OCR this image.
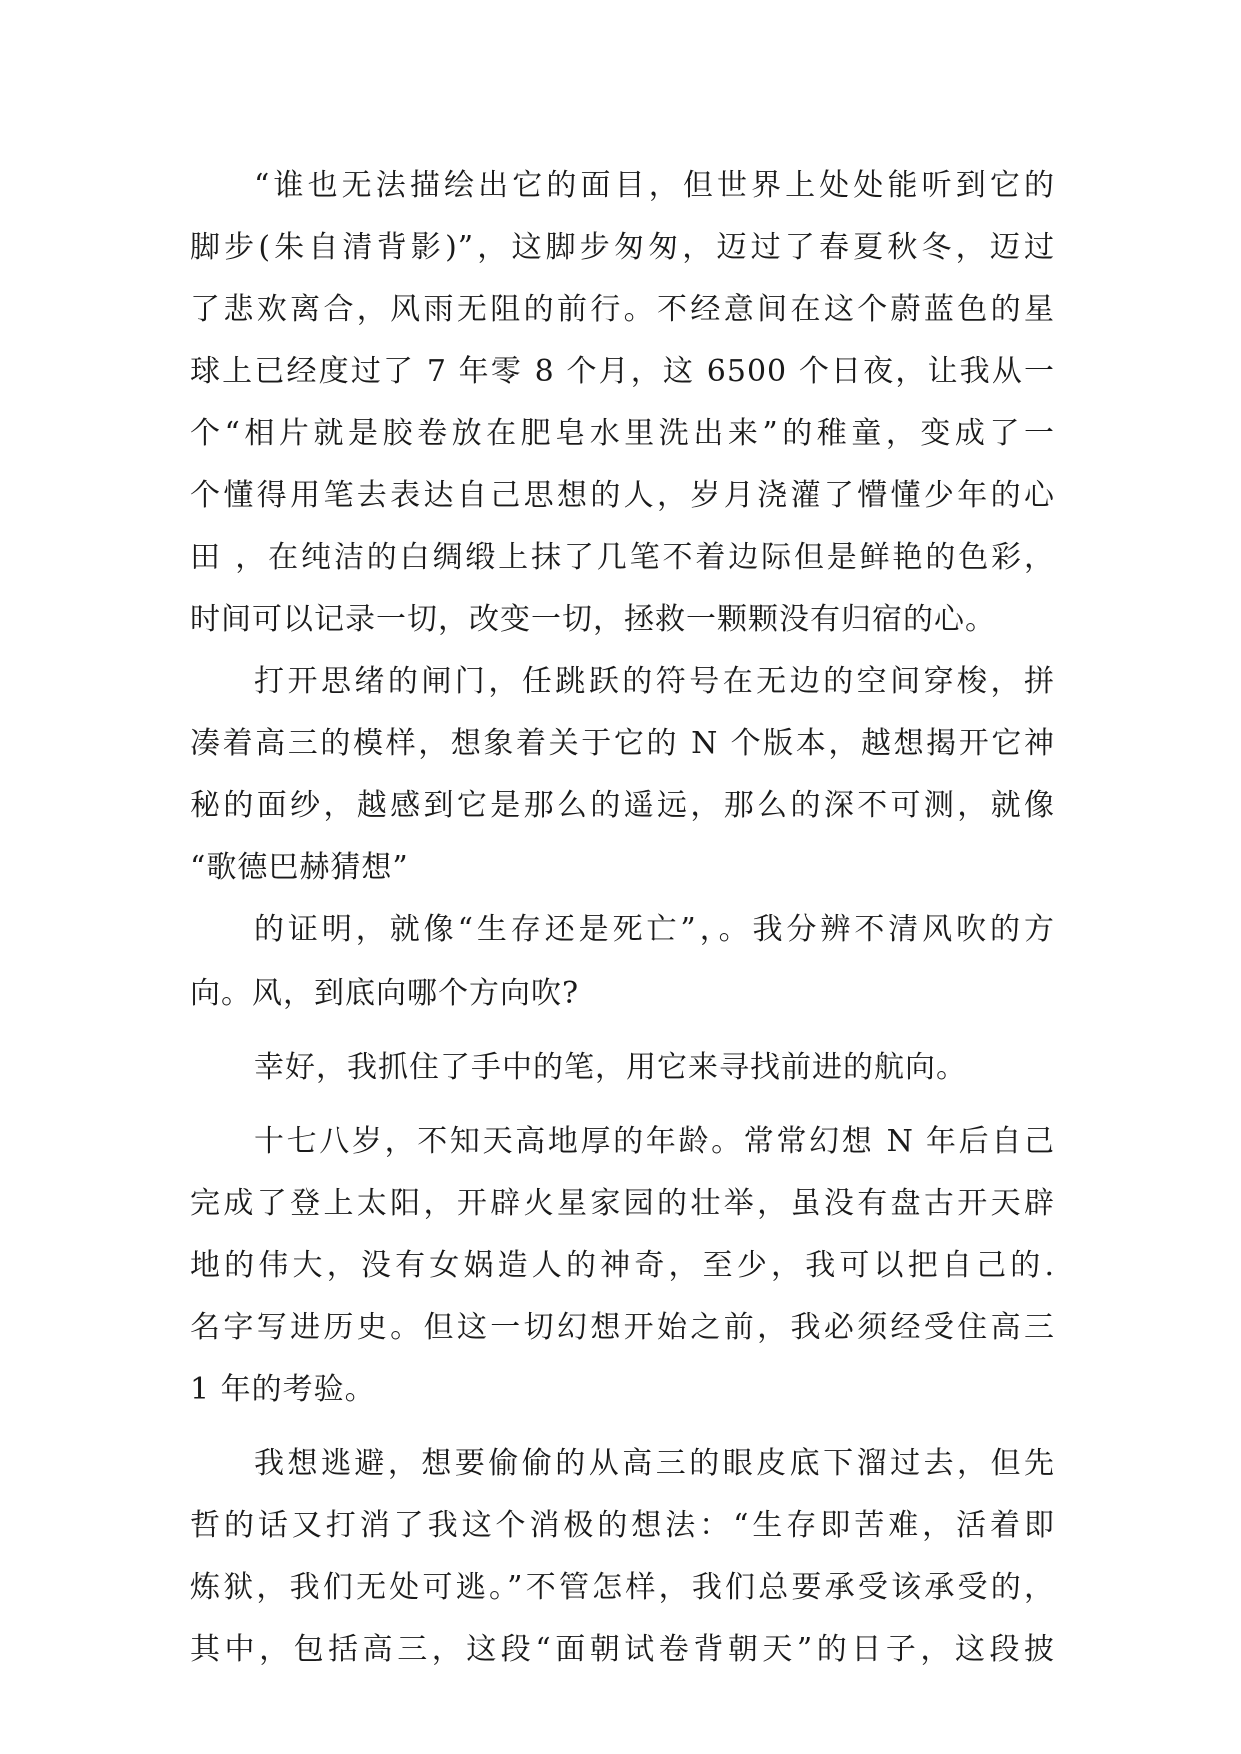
“谁也无法描绘出它的面目，但世界上处处能听到它的
脚步(朱自清背影)”，这脚步匆匆，迈过了春夏秋冬，迈过
了悲欢离合，风雨无阻的前行。不经意间在这个蔚蓝色的星
球上已经度过了 7 年零 8 个月，这 6500 个日夜，让我从一
个“相片就是胶卷放在肥皂水里洗出来”的稚童，变成了一
个懂得用笔去表达自己思想的人，岁月浇灌了懵懂少年的心
田 ，在纯洁的白绸缎上抹了几笔不着边际但是鲜艳的色彩，
时间可以记录一切，改变一切，拯救一颗颗没有归宿的心。
打开思绪的闸门，任跳跃的符号在无边的空间穿梭，拼
凑着高三的模样，想象着关于它的 N 个版本，越想揭开它神
秘的面纱，越感到它是那么的遥远，那么的深不可测，就像
“歌德巴赫猜想”
的证明，就像“生存还是死亡”，。我分辨不清风吹的方
向。风，到底向哪个方向吹?
幸好，我抓住了手中的笔，用它来寻找前进的航向。
十七八岁，不知天高地厚的年龄。常常幻想 N 年后自己
完成了登上太阳，开辟火星家园的壮举，虽没有盘古开天辟
地的伟大，没有女娲造人的神奇，至少，我可以把自己的.
名字写进历史。但这一切幻想开始之前，我必须经受住高三
1 年的考验。
我想逃避，想要偷偷的从高三的眼皮底下溜过去，但先
哲的话又打消了我这个消极的想法：“生存即苦难，活着即
炼狱，我们无处可逃。”不管怎样，我们总要承受该承受的，
其中，包括高三，这段“面朝试卷背朝天”的日子，这段披
